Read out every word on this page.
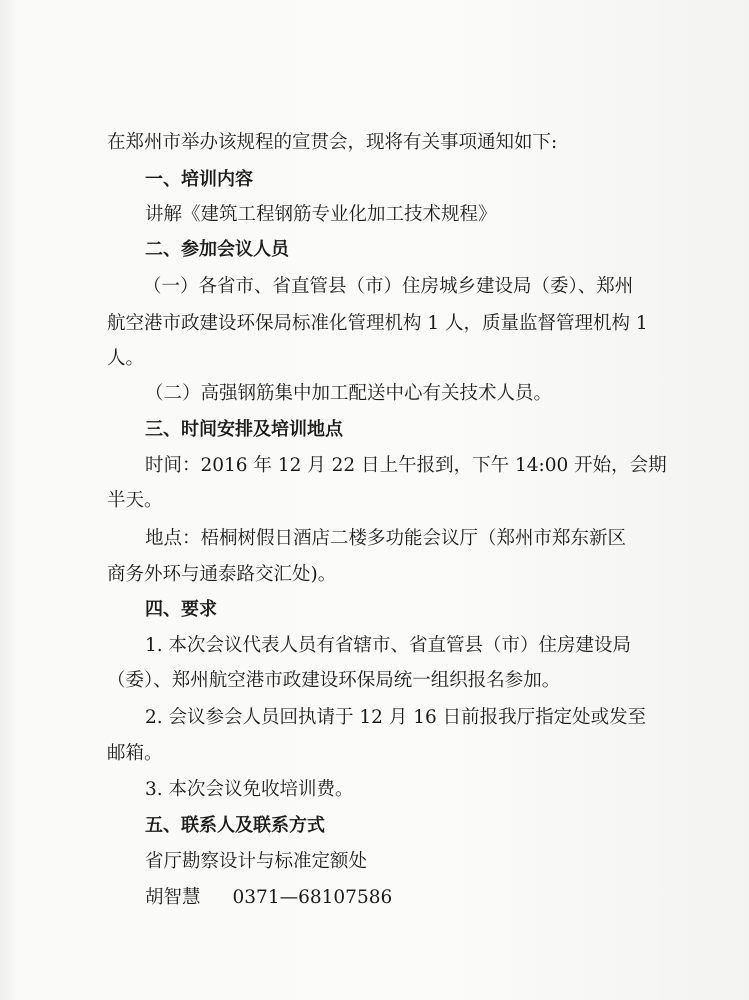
在郑州市举办该规程的宣贯会，现将有关事项通知如下:
一、培训内容
讲解《建筑工程钢筋专业化加工技术规程》
二、参加会议人员
（一）各省市、省直管县（市）住房城乡建设局（委）、郑州
航空港市政建设环保局标准化管理机构 1 人，质量监督管理机构 1
人。
（二）高强钢筋集中加工配送中心有关技术人员。
三、时间安排及培训地点
时间：2016 年 12 月 22 日上午报到，下午 14:00 开始，会期
半天。
地点：梧桐树假日酒店二楼多功能会议厅（郑州市郑东新区
商务外环与通泰路交汇处)。
四、要求
1. 本次会议代表人员有省辖市、省直管县（市）住房建设局
（委）、郑州航空港市政建设环保局统一组织报名参加。
2. 会议参会人员回执请于 12 月 16 日前报我厅指定处或发至
邮箱。
3. 本次会议免收培训费。
五、联系人及联系方式
省厅勘察设计与标准定额处
胡智慧 0371—68107586
